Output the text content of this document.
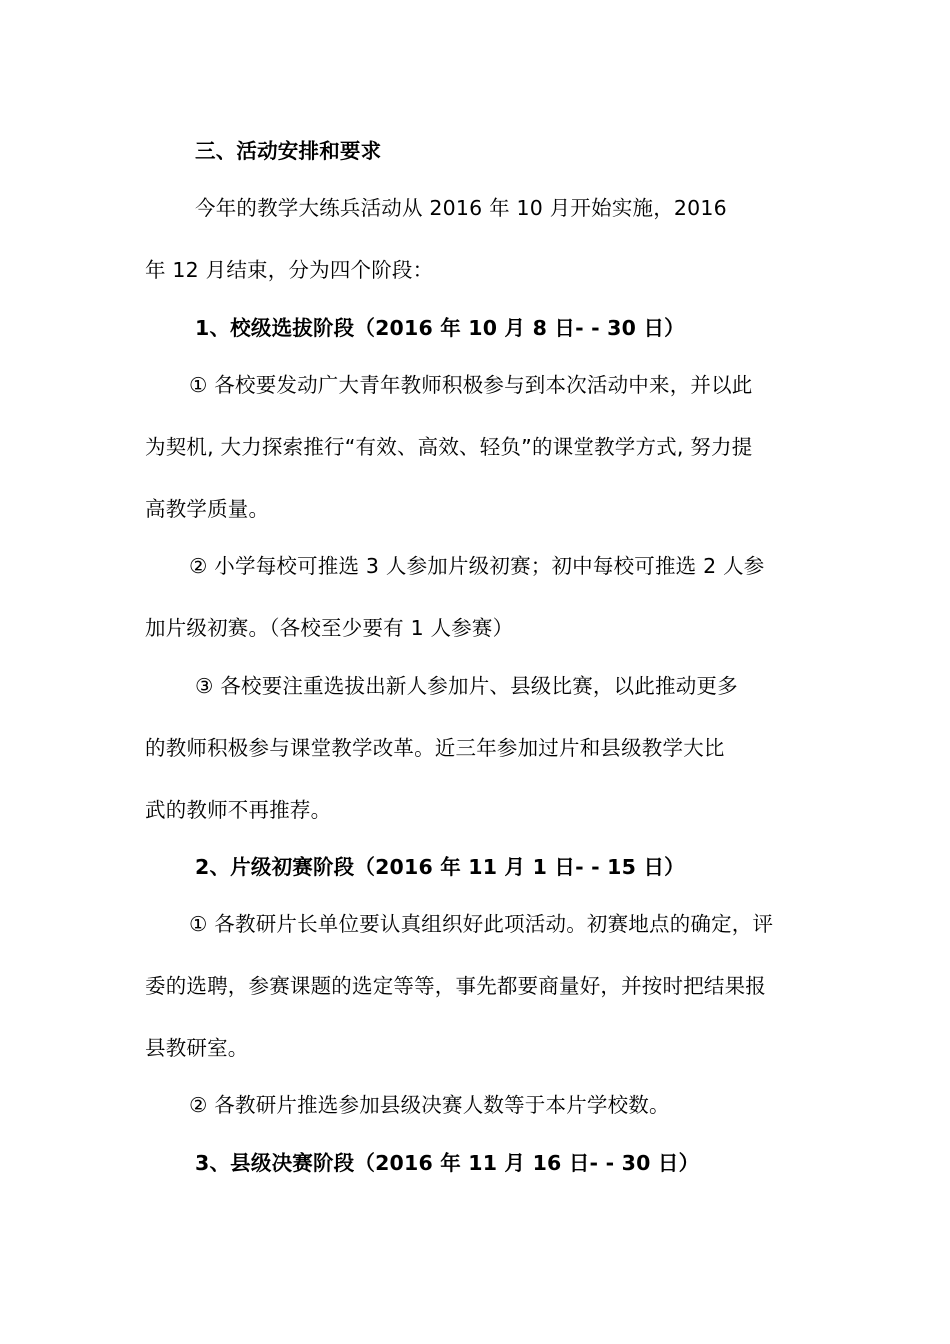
三、活动安排和要求
今年的教学大练兵活动从 2016 年 10 月开始实施，2016
年 12 月结束，分为四个阶段：
1、校级选拔阶段（2016 年 10 月 8 日- - 30 日）
① 各校要发动广大青年教师积极参与到本次活动中来，并以此
为契机, 大力探索推行“有效、高效、轻负”的课堂教学方式, 努力提
高教学质量。
② 小学每校可推选 3 人参加片级初赛；初中每校可推选 2 人参
加片级初赛。（各校至少要有 1 人参赛）
③ 各校要注重选拔出新人参加片、县级比赛，以此推动更多
的教师积极参与课堂教学改革。近三年参加过片和县级教学大比
武的教师不再推荐。
2、片级初赛阶段（2016 年 11 月 1 日- - 15 日）
① 各教研片长单位要认真组织好此项活动。初赛地点的确定，评
委的选聘，参赛课题的选定等等，事先都要商量好，并按时把结果报
县教研室。
② 各教研片推选参加县级决赛人数等于本片学校数。
3、县级决赛阶段（2016 年 11 月 16 日- - 30 日）
